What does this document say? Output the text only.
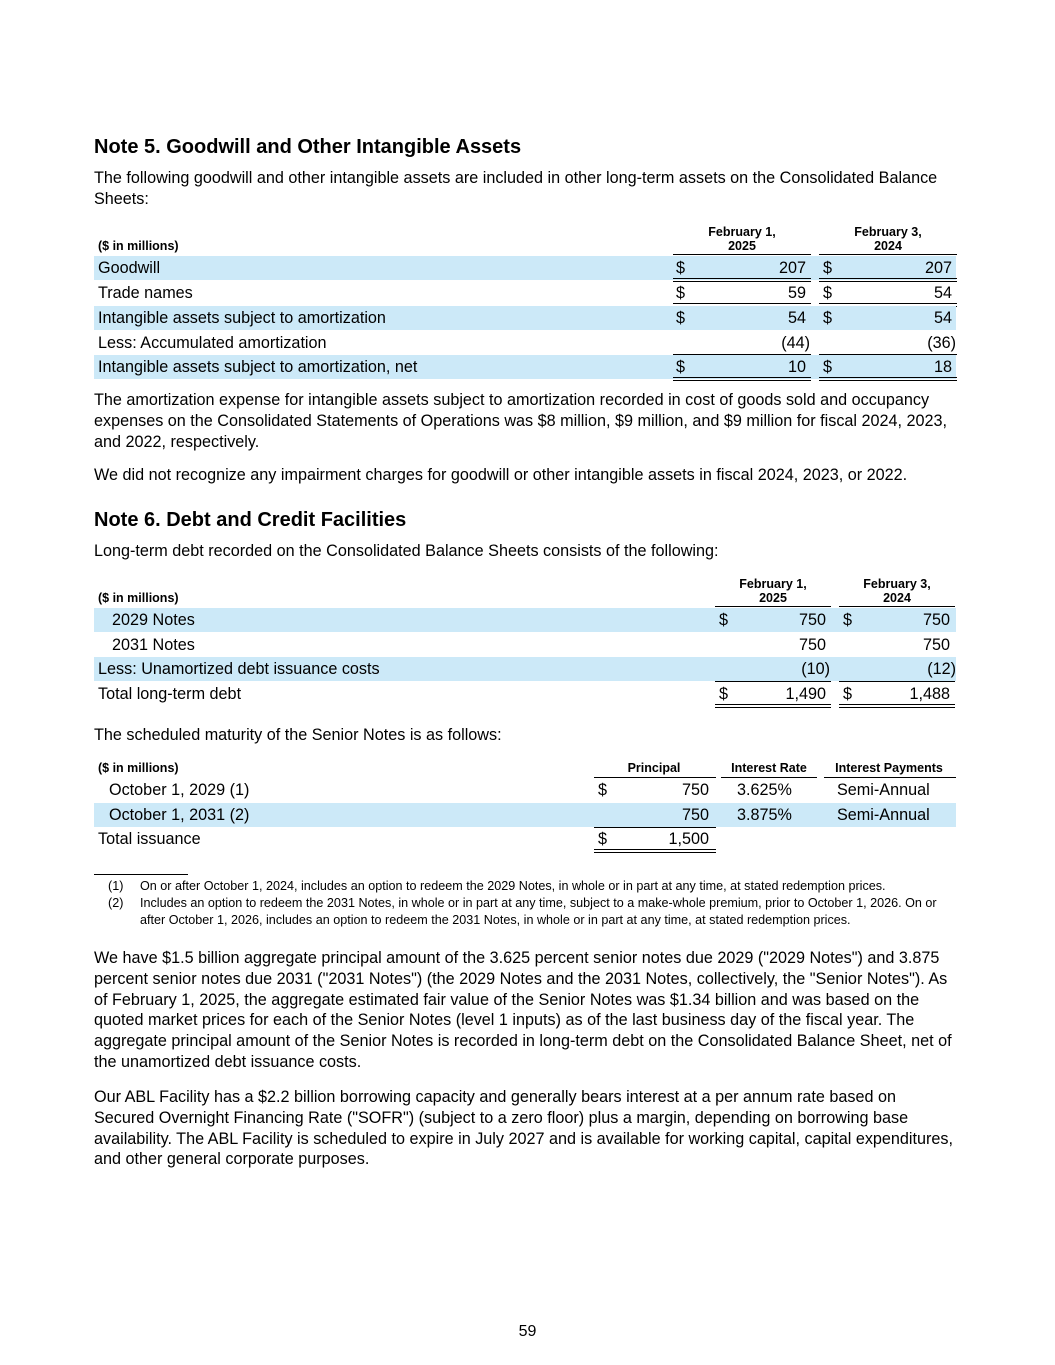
Note 5. Goodwill and Other Intangible Assets

The following goodwill and other intangible assets are included in other long-term assets on the Consolidated Balance Sheets:

($ in millions)
February 1,
2025
February 3,
2024
Goodwill	$	207 $	207
Trade names	$	59 $	54
Intangible assets subject to amortization	$	54 $	54
Less: Accumulated amortization	(44)	(36)
Intangible assets subject to amortization, net	$	10 $	18

The amortization expense for intangible assets subject to amortization recorded in cost of goods sold and occupancy expenses on the Consolidated Statements of Operations was $8 million, $9 million, and $9 million for fiscal 2024, 2023, and 2022, respectively.

We did not recognize any impairment charges for goodwill or other intangible assets in fiscal 2024, 2023, or 2022.

Note 6. Debt and Credit Facilities

Long-term debt recorded on the Consolidated Balance Sheets consists of the following:

($ in millions)
February 1,
2025
February 3,
2024
2029 Notes	$	750 $	750
2031 Notes	750	750
Less: Unamortized debt issuance costs	(10)	(12)
Total long-term debt	$	1,490 $	1,488

The scheduled maturity of the Senior Notes is as follows:

($ in millions)	Principal	Interest Rate	Interest Payments
October 1, 2029 (1)	$	750 3.625%	Semi-Annual
October 1, 2031 (2)	750 3.875%	Semi-Annual
Total issuance	$	1,500
(1) On or after October 1, 2024, includes an option to redeem the 2029 Notes, in whole or in part at any time, at stated redemption prices.
(2) Includes an option to redeem the 2031 Notes, in whole or in part at any time, subject to a make-whole premium, prior to October 1, 2026. On or after October 1, 2026, includes an option to redeem the 2031 Notes, in whole or in part at any time, at stated redemption prices.

We have $1.5 billion aggregate principal amount of the 3.625 percent senior notes due 2029 ("2029 Notes") and 3.875 percent senior notes due 2031 ("2031 Notes") (the 2029 Notes and the 2031 Notes, collectively, the "Senior Notes"). As of February 1, 2025, the aggregate estimated fair value of the Senior Notes was $1.34 billion and was based on the quoted market prices for each of the Senior Notes (level 1 inputs) as of the last business day of the fiscal year. The aggregate principal amount of the Senior Notes is recorded in long-term debt on the Consolidated Balance Sheet, net of the unamortized debt issuance costs.

Our ABL Facility has a $2.2 billion borrowing capacity and generally bears interest at a per annum rate based on Secured Overnight Financing Rate ("SOFR") (subject to a zero floor) plus a margin, depending on borrowing base availability. The ABL Facility is scheduled to expire in July 2027 and is available for working capital, capital expenditures, and other general corporate purposes.

59
